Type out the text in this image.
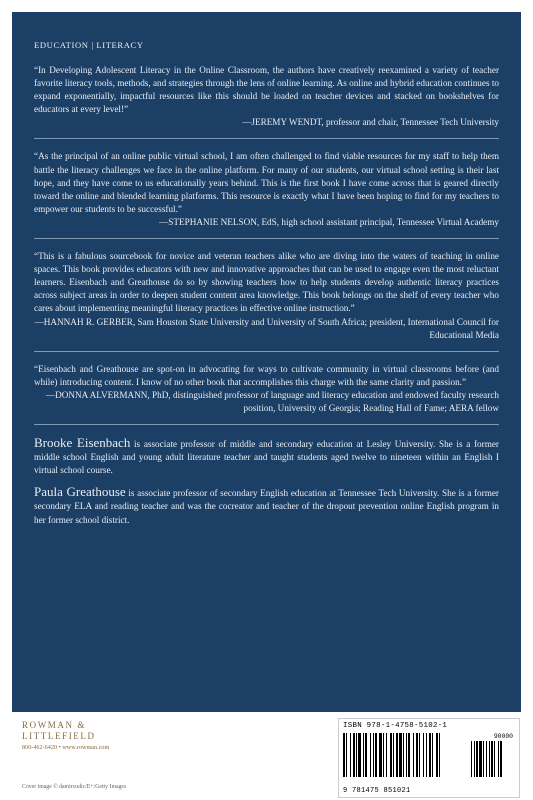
EDUCATION | LITERACY

“In Developing Adolescent Literacy in the Online Classroom, the authors have creatively reexamined a variety of teacher favorite literacy tools, methods, and strategies through the lens of online learning. As online and hybrid education continues to expand exponentially, impactful resources like this should be loaded on teacher devices and stacked on bookshelves for educators at every level!”

—JEREMY WENDT, professor and chair, Tennessee Tech University

“As the principal of an online public virtual school, I am often challenged to find viable resources for my staff to help them battle the literacy challenges we face in the online platform. For many of our students, our virtual school setting is their last hope, and they have come to us educationally years behind. This is the first book I have come across that is geared directly toward the online and blended learning platforms. This resource is exactly what I have been hoping to find for my teachers to empower our students to be successful.”

—STEPHANIE NELSON, EdS, high school assistant principal, Tennessee Virtual Academy

“This is a fabulous sourcebook for novice and veteran teachers alike who are diving into the waters of teaching in online spaces. This book provides educators with new and innovative approaches that can be used to engage even the most reluctant learners. Eisenbach and Greathouse do so by showing teachers how to help students develop authentic literacy practices across subject areas in order to deepen student content area knowledge. This book belongs on the shelf of every teacher who cares about implementing meaningful literacy practices in effective online instruction.”

—HANNAH R. GERBER, Sam Houston State University and University of South Africa; president, International Council for Educational Media

“Eisenbach and Greathouse are spot-on in advocating for ways to cultivate community in virtual classrooms before (and while) introducing content. I know of no other book that accomplishes this charge with the same clarity and passion.”

—DONNA ALVERMANN, PhD, distinguished professor of language and literacy education and endowed faculty research position, University of Georgia; Reading Hall of Fame; AERA fellow

Brooke Eisenbach is associate professor of middle and secondary education at Lesley University. She is a former middle school English and young adult literature teacher and taught students aged twelve to nineteen within an English I virtual school course.

Paula Greathouse is associate professor of secondary English education at Tennessee Tech University. She is a former secondary ELA and reading teacher and was the cocreator and teacher of the dropout prevention online English program in her former school district.

ROWMAN &
LITTLEFIELD
800-462-6420 • www.rowman.com
Cover image © damircudic/E+/Getty Images
ISBN 978-1-4758-5102-1
90000
9 781475 851021
